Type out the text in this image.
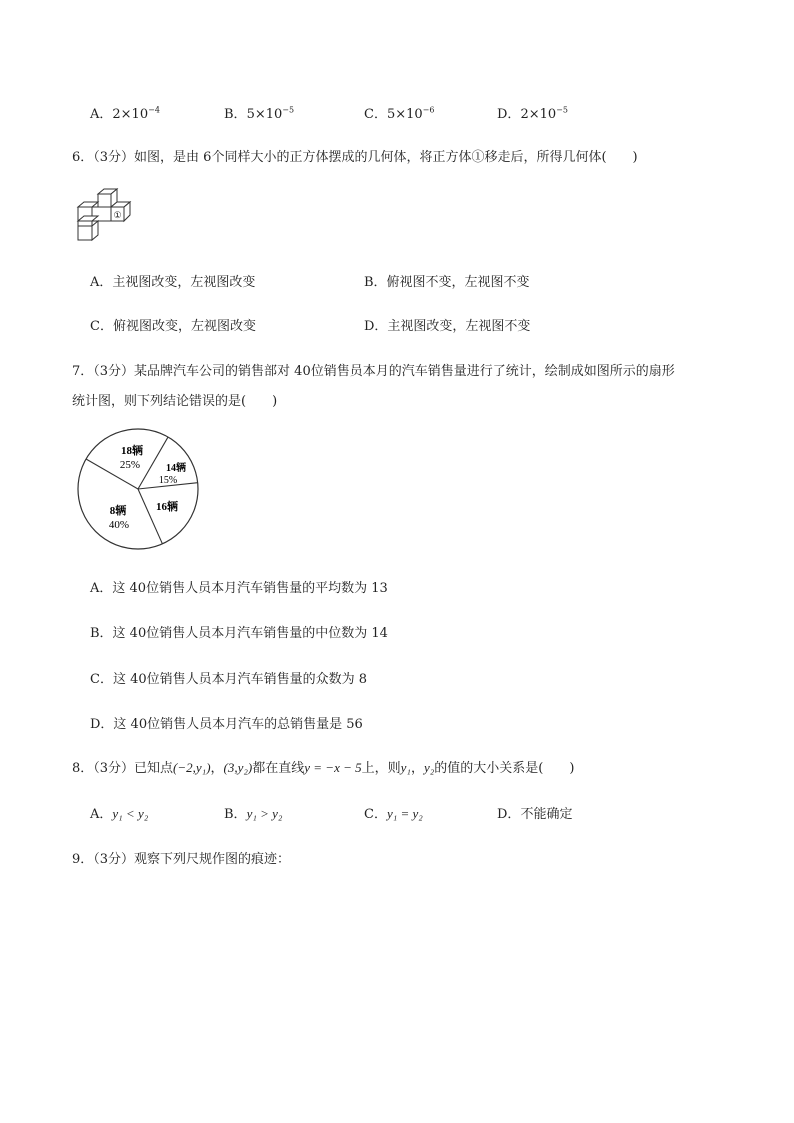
A．$2\times 10^{-4}$	B．$5\times 10^{-5}$	C．$5\times 10^{-6}$	D．$2\times 10^{-5}$
6．（3分）如图，是由 6个同样大小的正方体摆成的几何体，将正方体①移走后，所得几何体(　　)
①
A．主视图改变，左视图改变	B．俯视图不变，左视图不变
C．俯视图改变，左视图改变	D．主视图改变，左视图不变
7．（3分）某品牌汽车公司的销售部对 40位销售员本月的汽车销售量进行了统计，绘制成如图所示的扇形
统计图，则下列结论错误的是(　　)
18辆
25%	14辆
15%
16辆
8辆
40%
A．这 40位销售人员本月汽车销售量的平均数为 13
B．这 40位销售人员本月汽车销售量的中位数为 14
C．这 40位销售人员本月汽车销售量的众数为 8
D．这 40位销售人员本月汽车的总销售量是 56
8．（3分）已知点(−2,y₁)，(3,y₂)都在直线y = −x − 5上，则y₁，y₂的值的大小关系是(　　)
A．y₁ < y₂	B．y₁ > y₂	C．y₁ = y₂	D．不能确定
9．（3分）观察下列尺规作图的痕迹：
